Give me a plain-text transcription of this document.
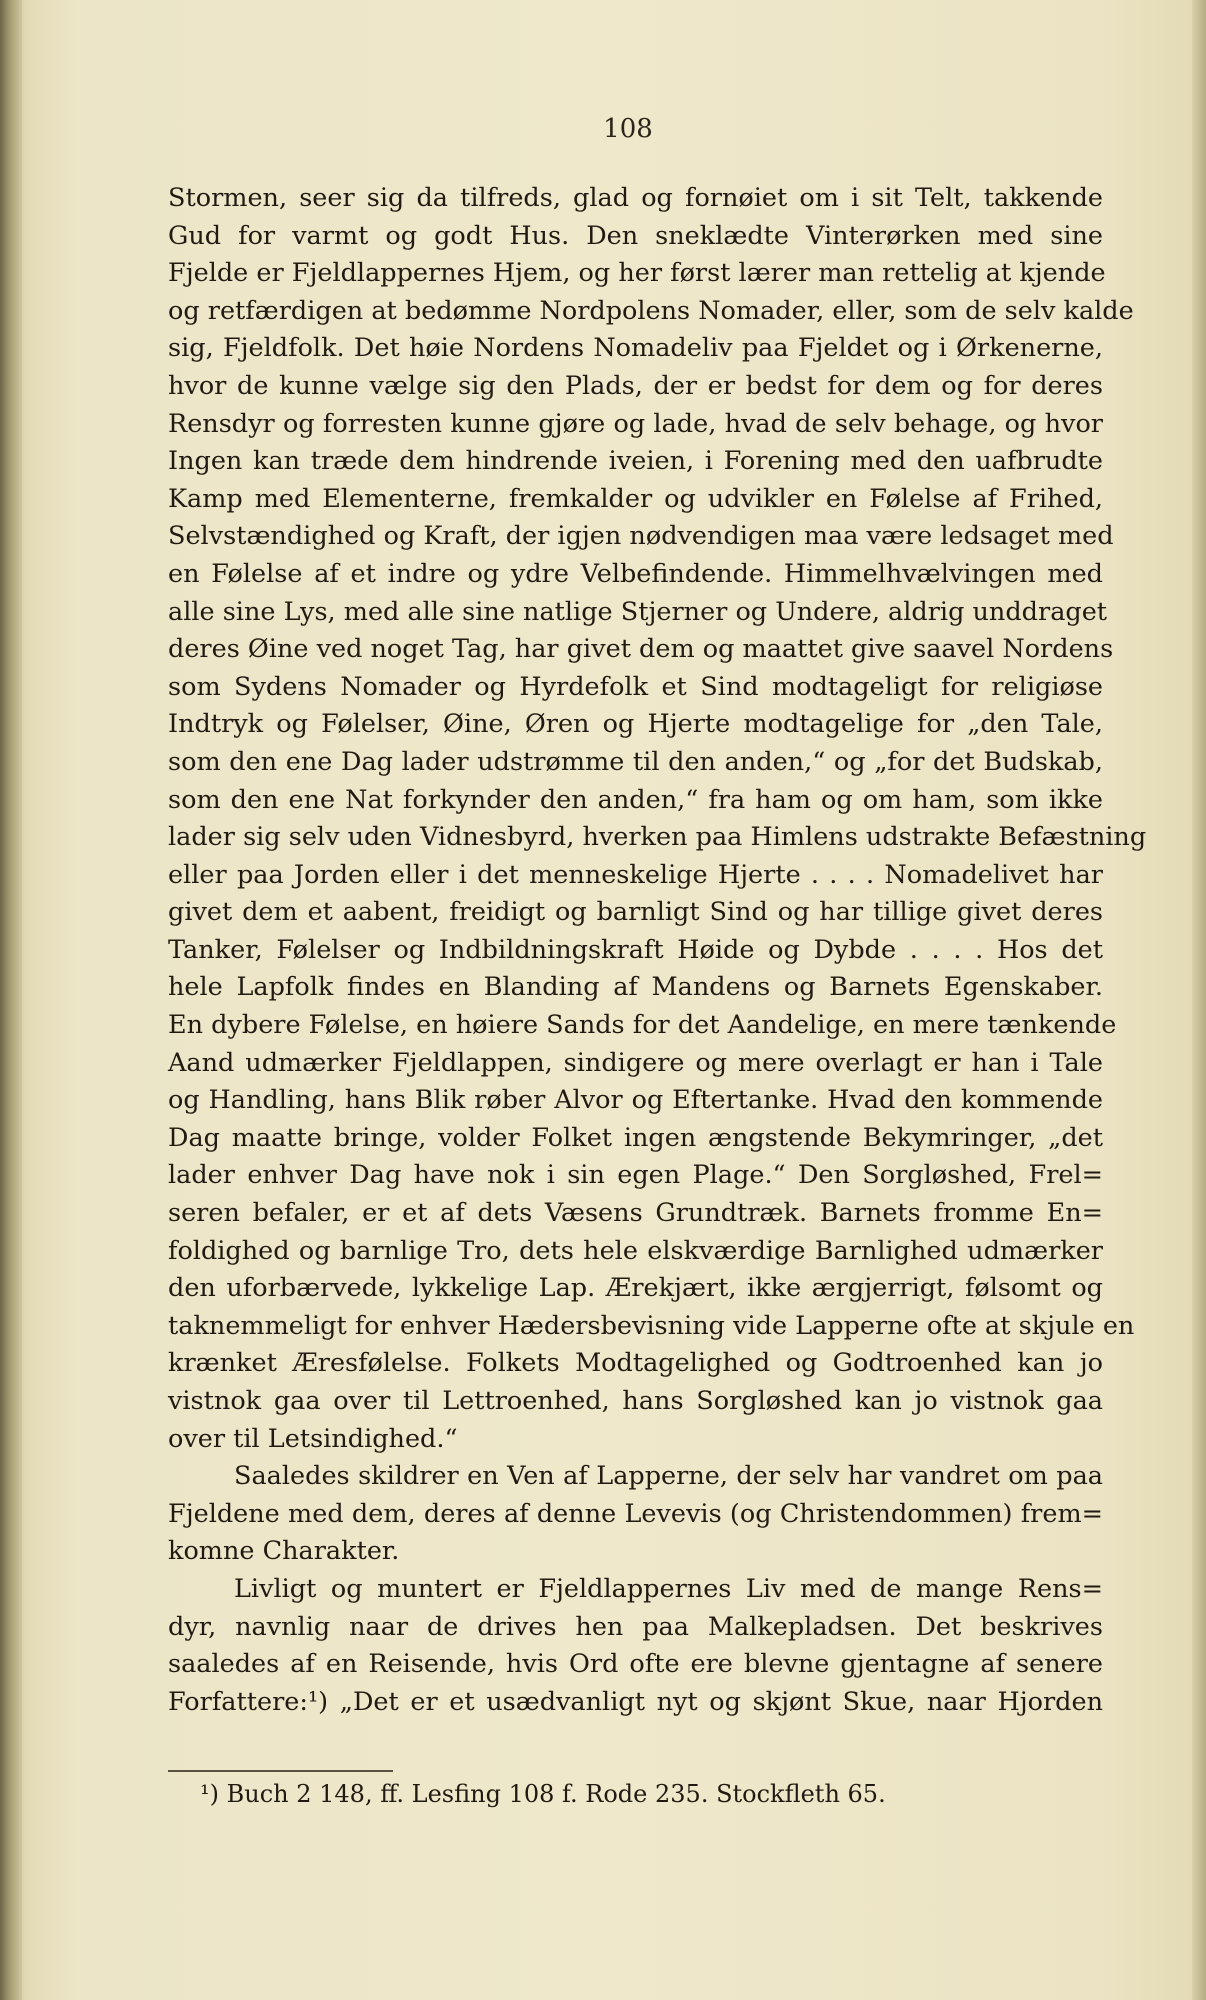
108
Stormen, seer sig da tilfreds, glad og fornøiet om i sit Telt, takkende
Gud for varmt og godt Hus. Den sneklædte Vinterørken med sine
Fjelde er Fjeldlappernes Hjem, og her først lærer man rettelig at kjende
og retfærdigen at bedømme Nordpolens Nomader, eller, som de selv kalde
sig, Fjeldfolk. Det høie Nordens Nomadeliv paa Fjeldet og i Ørkenerne,
hvor de kunne vælge sig den Plads, der er bedst for dem og for deres
Rensdyr og forresten kunne gjøre og lade, hvad de selv behage, og hvor
Ingen kan træde dem hindrende iveien, i Forening med den uafbrudte
Kamp med Elementerne, fremkalder og udvikler en Følelse af Frihed,
Selvstændighed og Kraft, der igjen nødvendigen maa være ledsaget med
en Følelse af et indre og ydre Velbefindende. Himmelhvælvingen med
alle sine Lys, med alle sine natlige Stjerner og Undere, aldrig unddraget
deres Øine ved noget Tag, har givet dem og maattet give saavel Nordens
som Sydens Nomader og Hyrdefolk et Sind modtageligt for religiøse
Indtryk og Følelser, Øine, Øren og Hjerte modtagelige for „den Tale,
som den ene Dag lader udstrømme til den anden,“ og „for det Budskab,
som den ene Nat forkynder den anden,“ fra ham og om ham, som ikke
lader sig selv uden Vidnesbyrd, hverken paa Himlens udstrakte Befæstning
eller paa Jorden eller i det menneskelige Hjerte . . . . Nomadelivet har
givet dem et aabent, freidigt og barnligt Sind og har tillige givet deres
Tanker, Følelser og Indbildningskraft Høide og Dybde . . . . Hos det
hele Lapfolk findes en Blanding af Mandens og Barnets Egenskaber.
En dybere Følelse, en høiere Sands for det Aandelige, en mere tænkende
Aand udmærker Fjeldlappen, sindigere og mere overlagt er han i Tale
og Handling, hans Blik røber Alvor og Eftertanke. Hvad den kommende
Dag maatte bringe, volder Folket ingen ængstende Bekymringer, „det
lader enhver Dag have nok i sin egen Plage.“ Den Sorgløshed, Frel=
seren befaler, er et af dets Væsens Grundtræk. Barnets fromme En=
foldighed og barnlige Tro, dets hele elskværdige Barnlighed udmærker
den uforbærvede, lykkelige Lap. Ærekjært, ikke ærgjerrigt, følsomt og
taknemmeligt for enhver Hædersbevisning vide Lapperne ofte at skjule en
krænket Æresfølelse. Folkets Modtagelighed og Godtroenhed kan jo
vistnok gaa over til Lettroenhed, hans Sorgløshed kan jo vistnok gaa
over til Letsindighed.“
Saaledes skildrer en Ven af Lapperne, der selv har vandret om paa
Fjeldene med dem, deres af denne Levevis (og Christendommen) frem=
komne Charakter.
Livligt og muntert er Fjeldlappernes Liv med de mange Rens=
dyr, navnlig naar de drives hen paa Malkepladsen. Det beskrives
saaledes af en Reisende, hvis Ord ofte ere blevne gjentagne af senere
Forfattere:¹) „Det er et usædvanligt nyt og skjønt Skue, naar Hjorden
¹) Buch 2 148, ff. Lesfing 108 f. Rode 235. Stockfleth 65.
